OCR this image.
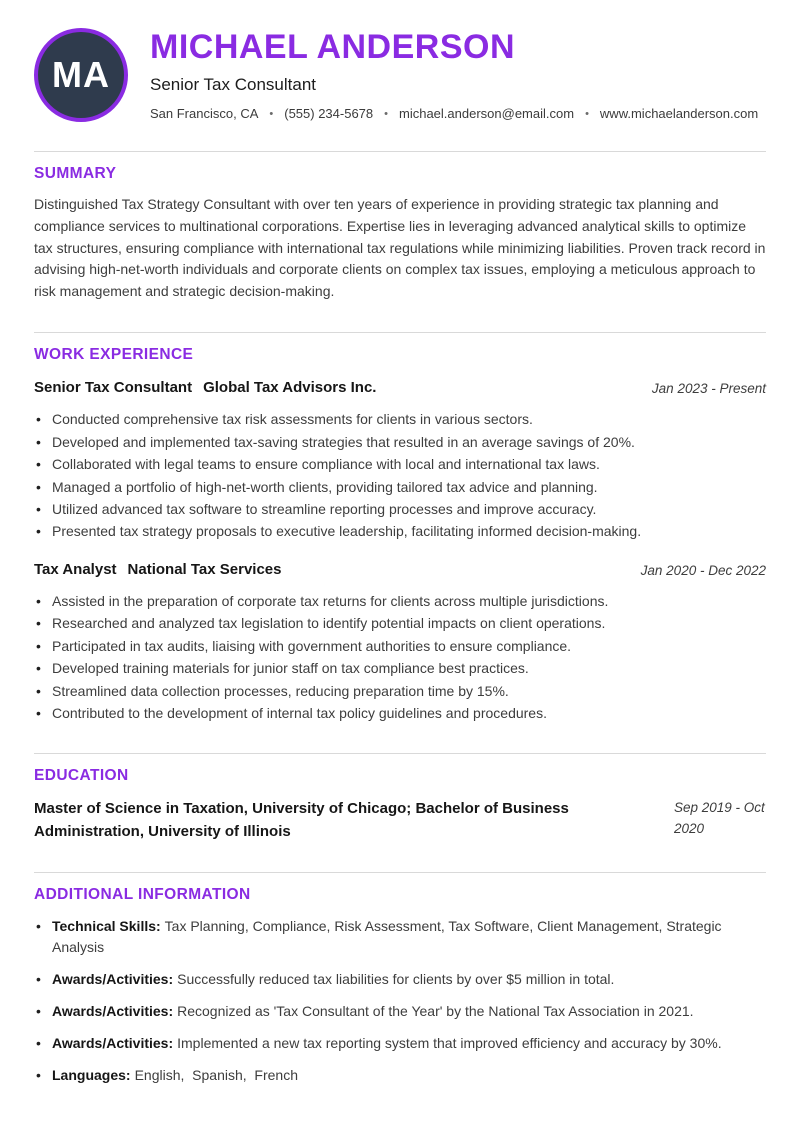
MA
MICHAEL ANDERSON
Senior Tax Consultant
San Francisco, CA • (555) 234-5678 • michael.anderson@email.com • www.michaelanderson.com
SUMMARY

Distinguished Tax Strategy Consultant with over ten years of experience in providing strategic tax planning and compliance services to multinational corporations. Expertise lies in leveraging advanced analytical skills to optimize tax structures, ensuring compliance with international tax regulations while minimizing liabilities. Proven track record in advising high-net-worth individuals and corporate clients on complex tax issues, employing a meticulous approach to risk management and strategic decision-making.

WORK EXPERIENCE
Senior Tax Consultant Global Tax Advisors Inc.	Jan 2023 - Present
• Conducted comprehensive tax risk assessments for clients in various sectors.
• Developed and implemented tax-saving strategies that resulted in an average savings of 20%.
• Collaborated with legal teams to ensure compliance with local and international tax laws.
• Managed a portfolio of high-net-worth clients, providing tailored tax advice and planning.
• Utilized advanced tax software to streamline reporting processes and improve accuracy.
• Presented tax strategy proposals to executive leadership, facilitating informed decision-making.
Tax Analyst National Tax Services	Jan 2020 - Dec 2022
• Assisted in the preparation of corporate tax returns for clients across multiple jurisdictions.
• Researched and analyzed tax legislation to identify potential impacts on client operations.
• Participated in tax audits, liaising with government authorities to ensure compliance.
• Developed training materials for junior staff on tax compliance best practices.
• Streamlined data collection processes, reducing preparation time by 15%.
• Contributed to the development of internal tax policy guidelines and procedures.
EDUCATION
Master of Science in Taxation, University of Chicago; Bachelor of Business Administration, University of Illinois
Sep 2019 - Oct 2020
ADDITIONAL INFORMATION
• Technical Skills: Tax Planning, Compliance, Risk Assessment, Tax Software, Client Management, Strategic Analysis
• Awards/Activities: Successfully reduced tax liabilities for clients by over $5 million in total.
• Awards/Activities: Recognized as 'Tax Consultant of the Year' by the National Tax Association in 2021.
• Awards/Activities: Implemented a new tax reporting system that improved efficiency and accuracy by 30%.
• Languages: English,  Spanish,  French
